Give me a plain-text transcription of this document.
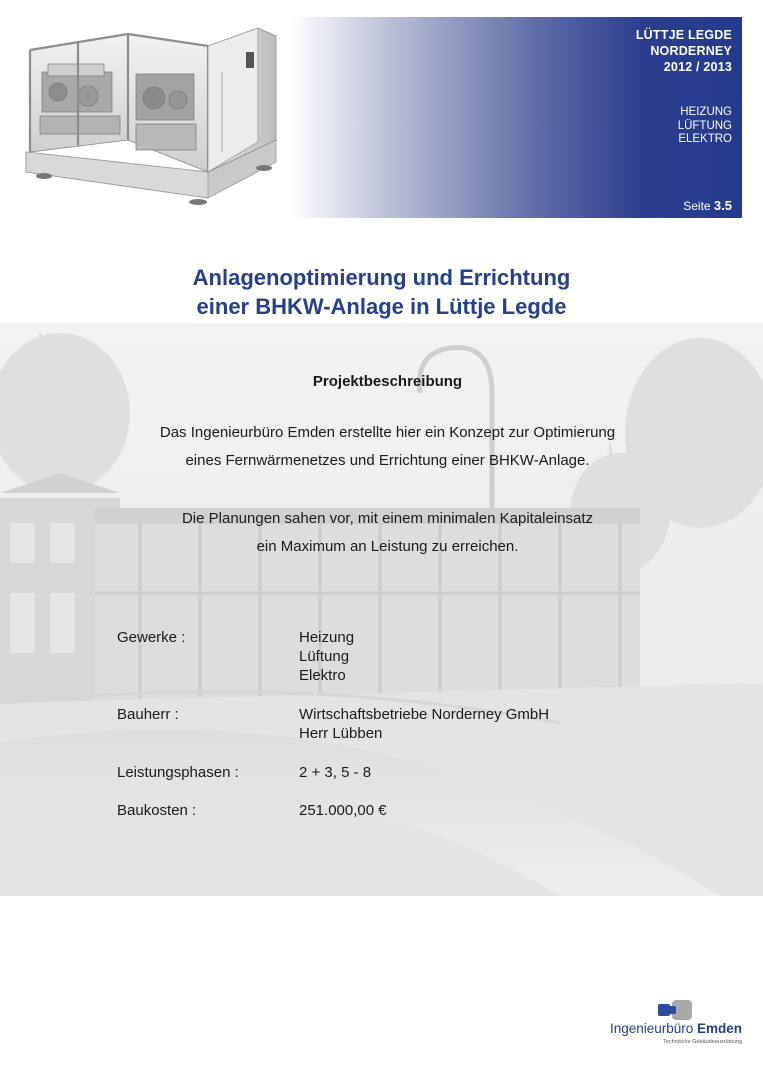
LÜTTJE LEGDE
NORDERNEY
2012 / 2013
HEIZUNG
LÜFTUNG
ELEKTRO
Seite 3.5
Anlagenoptimierung und Errichtung
einer BHKW-Anlage in Lüttje Legde
Projektbeschreibung
Das Ingenieurbüro Emden erstellte hier ein Konzept zur Optimierung
eines Fernwärmenetzes und Errichtung einer BHKW-Anlage.
Die Planungen sahen vor, mit einem minimalen Kapitaleinsatz
ein Maximum an Leistung zu erreichen.
Gewerke :	Heizung
Lüftung
Elektro
Bauherr :	Wirtschaftsbetriebe Norderney GmbH
Herr Lübben
Leistungsphasen :	2 + 3, 5 - 8
Baukosten :	251.000,00 €
Ingenieurbüro Emden
Technische Gebäudeausrüstung
